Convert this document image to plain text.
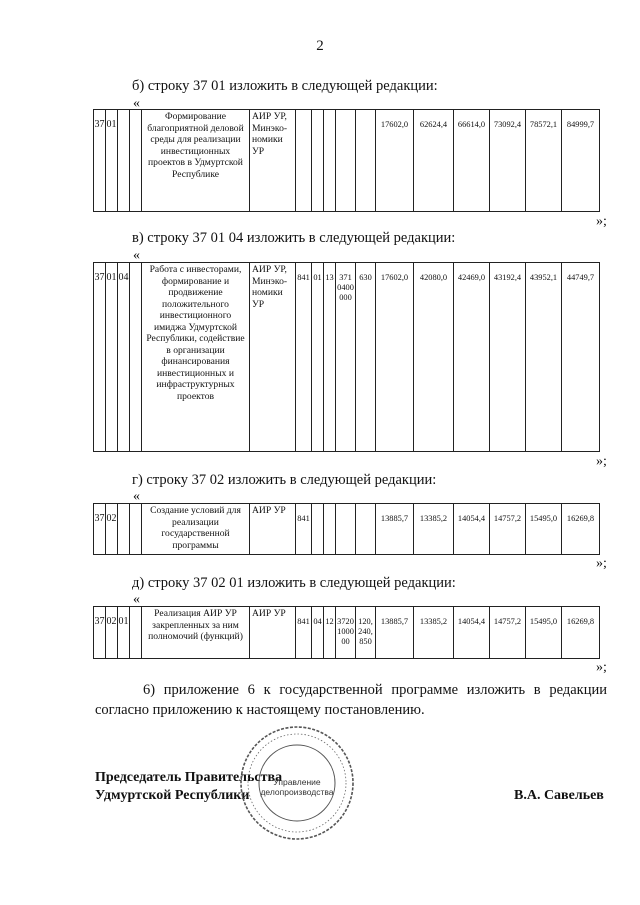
2
б) строку 37 01 изложить в следующей редакции:
«
37	01			Формирование благоприятной деловой среды для реализации инвестиционных проектов в Удмуртской Республике	АИР УР, Минэко-номики УР						17602,0	62624,4	66614,0	73092,4	78572,1	84999,7
»;
в) строку 37 01 04 изложить в следующей редакции:
«
37	01	04		Работа с инвесторами, формирование и продвижение положительного инвестиционного имиджа Удмуртской Республики, содействие в организации финансирования инвестиционных и инфраструктурных проектов	АИР УР, Минэко-номики УР	841	01	13	371 0400 000	630	17602,0	42080,0	42469,0	43192,4	43952,1	44749,7
»;
г) строку 37 02 изложить в следующей редакции:
«
37	02			Создание условий для реализации государственной программы	АИР УР	841					13885,7	13385,2	14054,4	14757,2	15495,0	16269,8
»;
д) строку 37 02 01 изложить в следующей редакции:
«
37	02	01		Реализация АИР УР закрепленных за ним полномочий (функций)	АИР УР	841	04	12	3720 1000 00	120, 240, 850	13885,7	13385,2	14054,4	14757,2	15495,0	16269,8
»;
6) приложение 6 к государственной программе изложить в редакции согласно приложению к настоящему постановлению.
Председатель Правительства
Удмуртской Республики	В.А. Савельев
Управление
делопроизводства
